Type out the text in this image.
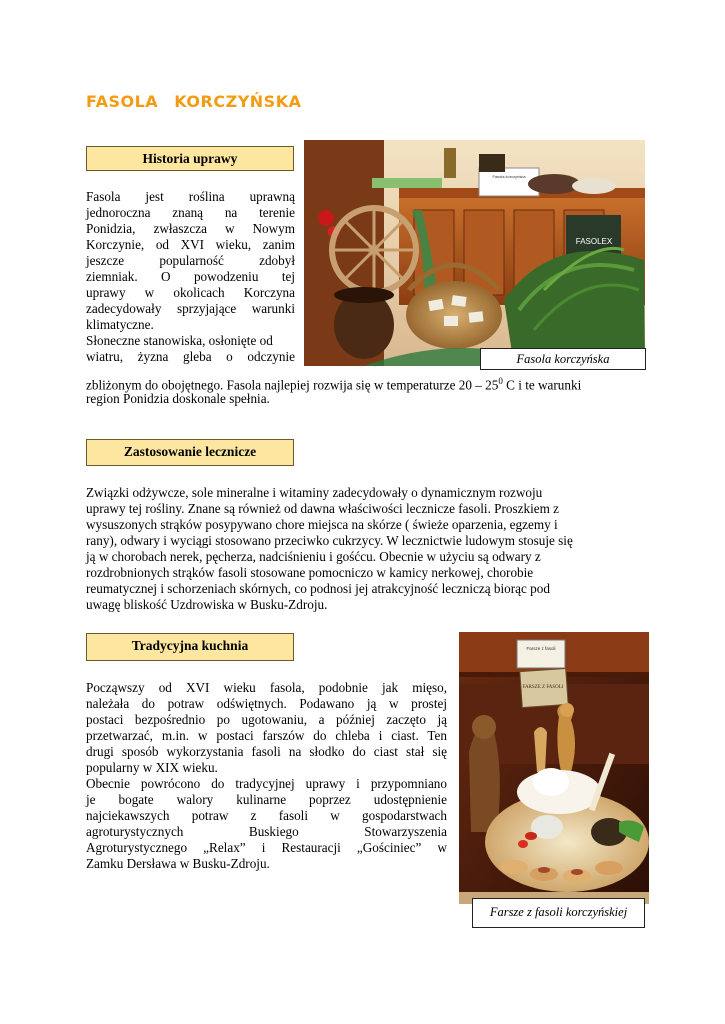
FASOLA KORCZYŃSKA
Historia uprawy
Fasola jest roślina uprawną
jednoroczna znaną na terenie
Ponidzia, zwłaszcza w Nowym
Korczynie, od XVI wieku, zanim
jeszcze popularność zdobył
ziemniak. O powodzeniu tej
uprawy w okolicach Korczyna
zadecydowały sprzyjające warunki
klimatyczne.
Słoneczne stanowiska, osłonięte od
wiatru, żyzna gleba o odczynie
zbliżonym do obojętnego. Fasola najlepiej rozwija się w temperaturze $20 - 25^0$ C i te warunki
region Ponidzia doskonale spełnia.
Fasola korczyńska
FASOLEX
Fasola korczyńska
Zastosowanie lecznicze
Związki odżywcze, sole mineralne i witaminy zadecydowały o dynamicznym rozwoju
uprawy tej rośliny. Znane są również od dawna właściwości lecznicze fasoli. Proszkiem z
wysuszonych strąków posypywano chore miejsca na skórze ( świeże oparzenia, egzemy i
rany), odwary i wyciągi stosowano przeciwko cukrzycy. W lecznictwie ludowym stosuje się
ją w chorobach nerek, pęcherza, nadciśnieniu i gośćcu. Obecnie w użyciu są odwary z
rozdrobnionych strąków fasoli stosowane pomocniczo w kamicy nerkowej, chorobie
reumatycznej i schorzeniach skórnych, co podnosi jej atrakcyjność leczniczą biorąc pod
uwagę bliskość Uzdrowiska w Busku-Zdroju.
Tradycyjna kuchnia
Począwszy od XVI wieku fasola, podobnie jak mięso,
należała do potraw odświętnych. Podawano ją w prostej
postaci bezpośrednio po ugotowaniu, a później zaczęto ją
przetwarzać, m.in. w postaci farszów do chleba i ciast. Ten
drugi sposób wykorzystania fasoli na słodko do ciast stał się
popularny w XIX wieku.
Obecnie powrócono do tradycyjnej uprawy i przypomniano
je bogate walory kulinarne poprzez udostępnienie
najciekawszych potraw z fasoli w gospodarstwach
agroturystycznych Buskiego Stowarzyszenia
Agroturystycznego „Relax” i Restauracji „Gościniec” w
Zamku Dersława w Busku-Zdroju.
Farsze z fasoli
FARSZE Z FASOLI
Farsze z fasoli korczyńskiej
